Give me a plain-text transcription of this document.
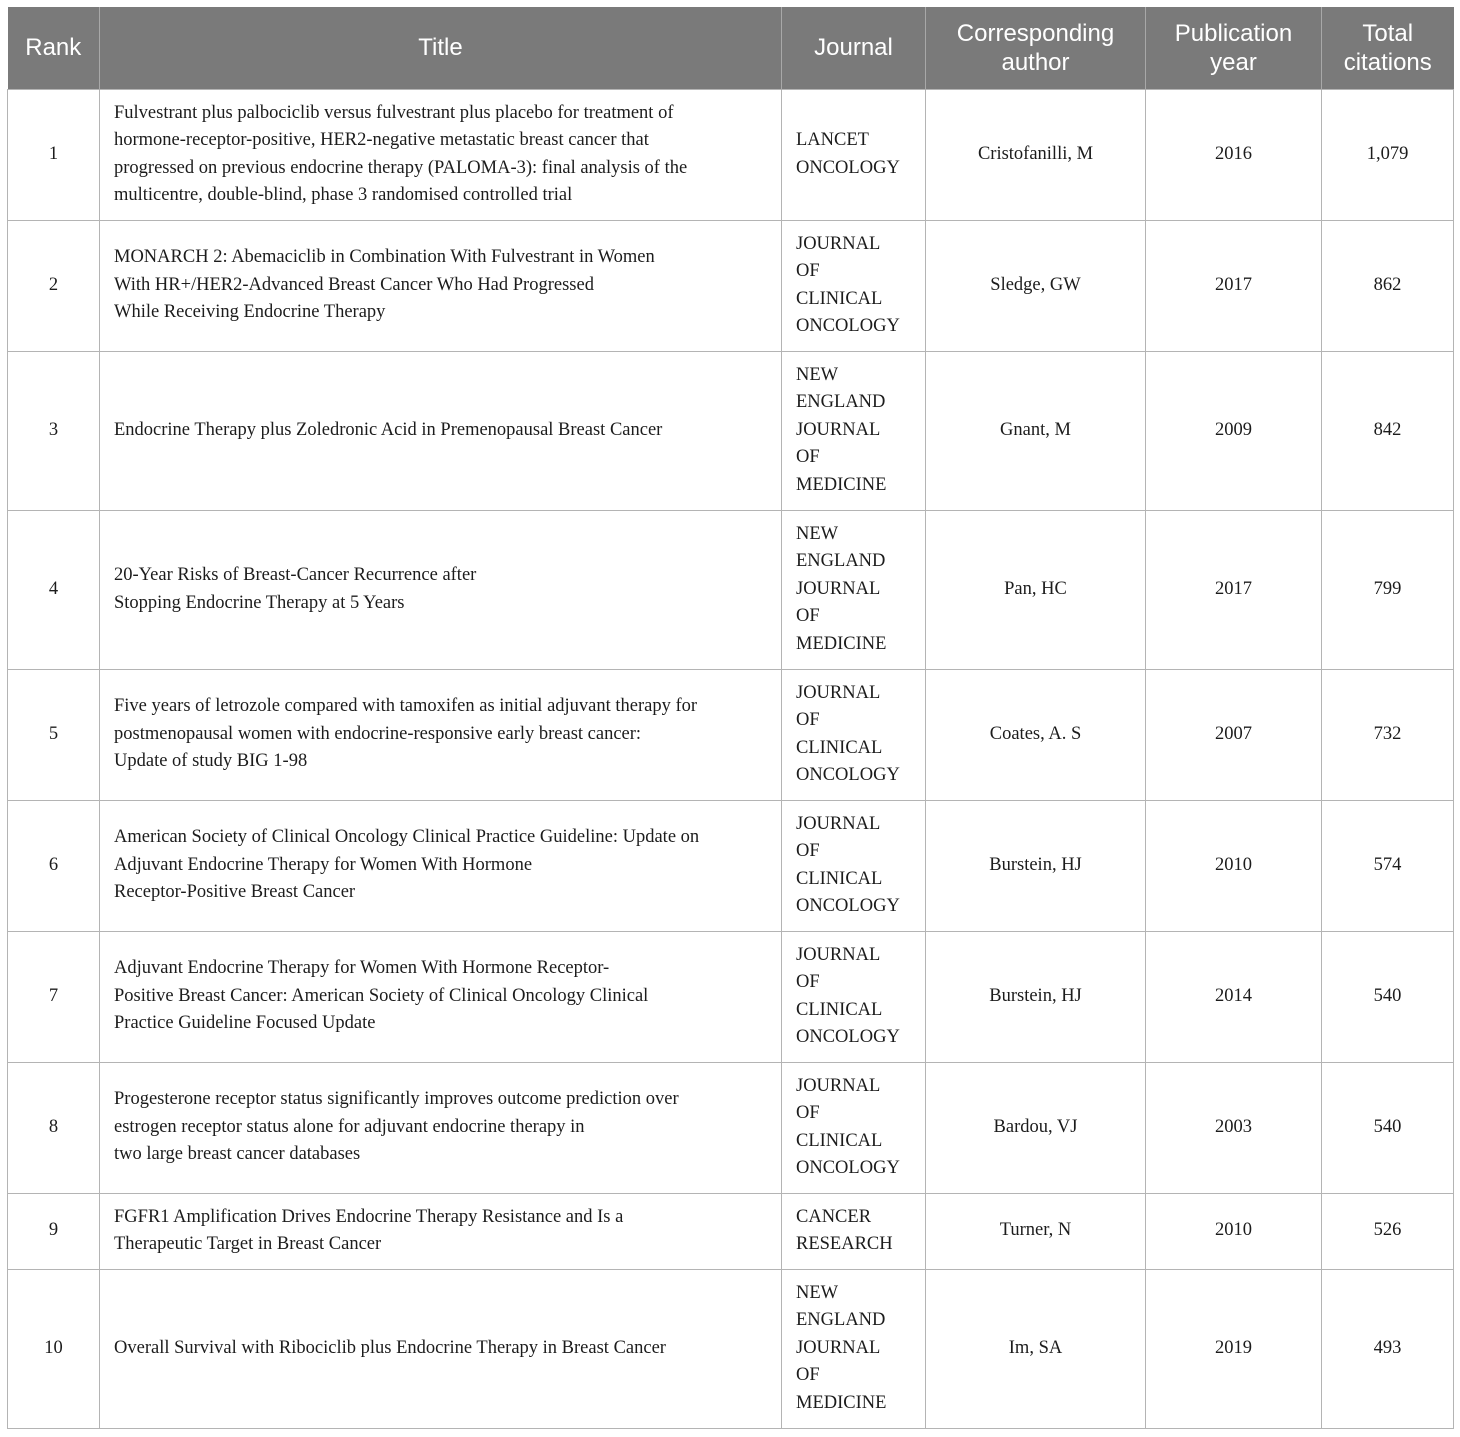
Rank	Title	Journal	Corresponding author	Publication year	Total citations
1	Fulvestrant plus palbociclib versus fulvestrant plus placebo for treatment of
hormone-receptor-positive, HER2-negative metastatic breast cancer that
progressed on previous endocrine therapy (PALOMA-3): final analysis of the
multicentre, double-blind, phase 3 randomised controlled trial	LANCET
ONCOLOGY	Cristofanilli, M	2016	1,079
2	MONARCH 2: Abemaciclib in Combination With Fulvestrant in Women
With HR+/HER2-Advanced Breast Cancer Who Had Progressed
While Receiving Endocrine Therapy	JOURNAL
OF
CLINICAL
ONCOLOGY	Sledge, GW	2017	862
3	Endocrine Therapy plus Zoledronic Acid in Premenopausal Breast Cancer	NEW
ENGLAND
JOURNAL
OF
MEDICINE	Gnant, M	2009	842
4	20-Year Risks of Breast-Cancer Recurrence after
Stopping Endocrine Therapy at 5 Years	NEW
ENGLAND
JOURNAL
OF
MEDICINE	Pan, HC	2017	799
5	Five years of letrozole compared with tamoxifen as initial adjuvant therapy for
postmenopausal women with endocrine-responsive early breast cancer:
Update of study BIG 1-98	JOURNAL
OF
CLINICAL
ONCOLOGY	Coates, A. S	2007	732
6	American Society of Clinical Oncology Clinical Practice Guideline: Update on
Adjuvant Endocrine Therapy for Women With Hormone
Receptor-Positive Breast Cancer	JOURNAL
OF
CLINICAL
ONCOLOGY	Burstein, HJ	2010	574
7	Adjuvant Endocrine Therapy for Women With Hormone Receptor-
Positive Breast Cancer: American Society of Clinical Oncology Clinical
Practice Guideline Focused Update	JOURNAL
OF
CLINICAL
ONCOLOGY	Burstein, HJ	2014	540
8	Progesterone receptor status significantly improves outcome prediction over
estrogen receptor status alone for adjuvant endocrine therapy in
two large breast cancer databases	JOURNAL
OF
CLINICAL
ONCOLOGY	Bardou, VJ	2003	540
9	FGFR1 Amplification Drives Endocrine Therapy Resistance and Is a
Therapeutic Target in Breast Cancer	CANCER
RESEARCH	Turner, N	2010	526
10	Overall Survival with Ribociclib plus Endocrine Therapy in Breast Cancer	NEW
ENGLAND
JOURNAL
OF
MEDICINE	Im, SA	2019	493
